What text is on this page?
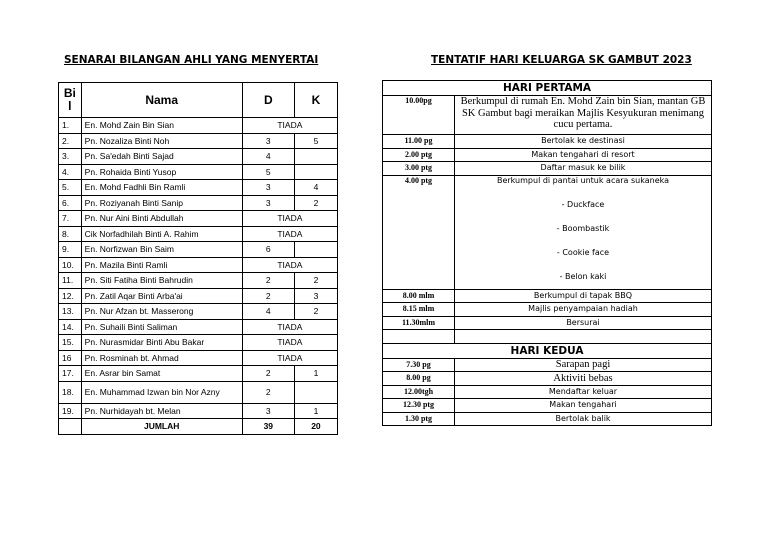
SENARAI BILANGAN AHLI YANG MENYERTAI	TENTATIF HARI KELUARGA SK GAMBUT 2023
Bi l	Nama	D	K
1.	En. Mohd Zain Bin Sian	TIADA	
2.	Pn. Nozaliza Binti Noh	3	5
3.	Pn. Sa'edah Binti Sajad	4	
4.	Pn. Rohaida Binti Yusop	5	
5.	En. Mohd Fadhli Bin Ramli	3	4
6.	Pn. Roziyanah Binti Sanip	3	2
7.	Pn. Nur Aini Binti Abdullah	TIADA	
8.	Cik Norfadhilah Binti A. Rahim	TIADA	
9.	En. Norfizwan Bin Saim	6	
10.	Pn. Mazila Binti Ramli	TIADA	
11.	Pn. Siti Fatiha Binti Bahrudin	2	2
12.	Pn. Zatil Aqar Binti Arba'ai	2	3
13.	Pn. Nur Afzan bt. Masserong	4	2
14.	Pn. Suhaili Binti Saliman	TIADA	
15.	Pn. Nurasmidar Binti Abu Bakar	TIADA	
16	Pn. Rosminah bt. Ahmad	TIADA	
17.	En. Asrar bin Samat	2	1
18.	En. Muhammad Izwan bin Nor Azny	2	
19.	Pn. Nurhidayah bt. Melan	3	1
	JUMLAH	39	20
HARI PERTAMA	
10.00pg	Berkumpul di rumah En. Mohd Zain bin Sian, mantan GB SK Gambut bagi meraikan Majlis Kesyukuran menimang cucu pertama.
11.00 pg	Bertolak ke destinasi
2.00 ptg	Makan tengahari di resort
3.00 ptg	Daftar masuk ke bilik
4.00 ptg	Berkumpul di pantai untuk acara sukaneka
- Duckface
- Boombastik
- Cookie face
- Belon kaki

8.00 mlm	Berkumpul di tapak BBQ
8.15 mlm	Majlis penyampaian hadiah
11.30mlm	Bersurai

HARI KEDUA	
7.30 pg	Sarapan pagi
8.00 pg	Aktiviti bebas
12.00tgh	Mendaftar keluar
12.30 ptg	Makan tengahari
1.30 ptg	Bertolak balik
